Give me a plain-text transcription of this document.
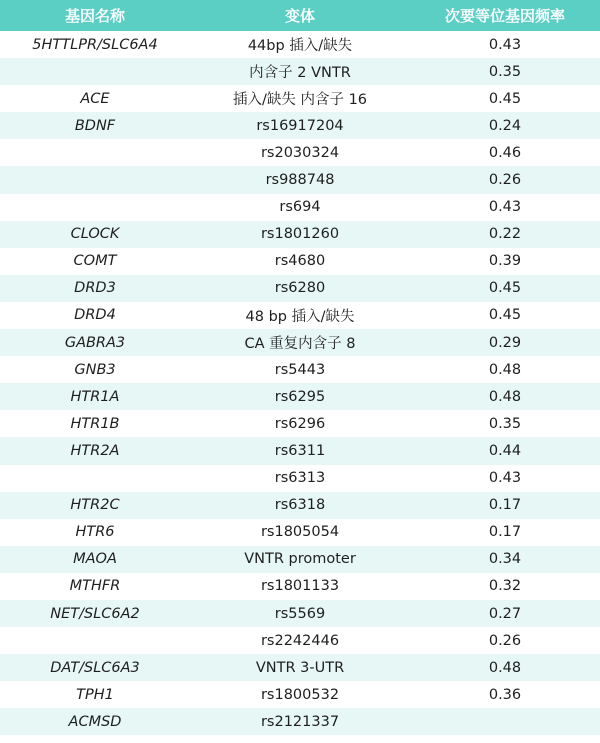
基因名称	变体	次要等位基因频率
5HTTLPR/SLC6A4	44bp 插入/缺失	0.43
	内含子 2 VNTR	0.35
ACE	插入/缺失 内含子 16	0.45
BDNF	rs16917204	0.24
	rs2030324	0.46
	rs988748	0.26
	rs694	0.43
CLOCK	rs1801260	0.22
COMT	rs4680	0.39
DRD3	rs6280	0.45
DRD4	48 bp 插入/缺失	0.45
GABRA3	CA 重复内含子 8	0.29
GNB3	rs5443	0.48
HTR1A	rs6295	0.48
HTR1B	rs6296	0.35
HTR2A	rs6311	0.44
	rs6313	0.43
HTR2C	rs6318	0.17
HTR6	rs1805054	0.17
MAOA	VNTR promoter	0.34
MTHFR	rs1801133	0.32
NET/SLC6A2	rs5569	0.27
	rs2242446	0.26
DAT/SLC6A3	VNTR 3-UTR	0.48
TPH1	rs1800532	0.36
ACMSD	rs2121337	
